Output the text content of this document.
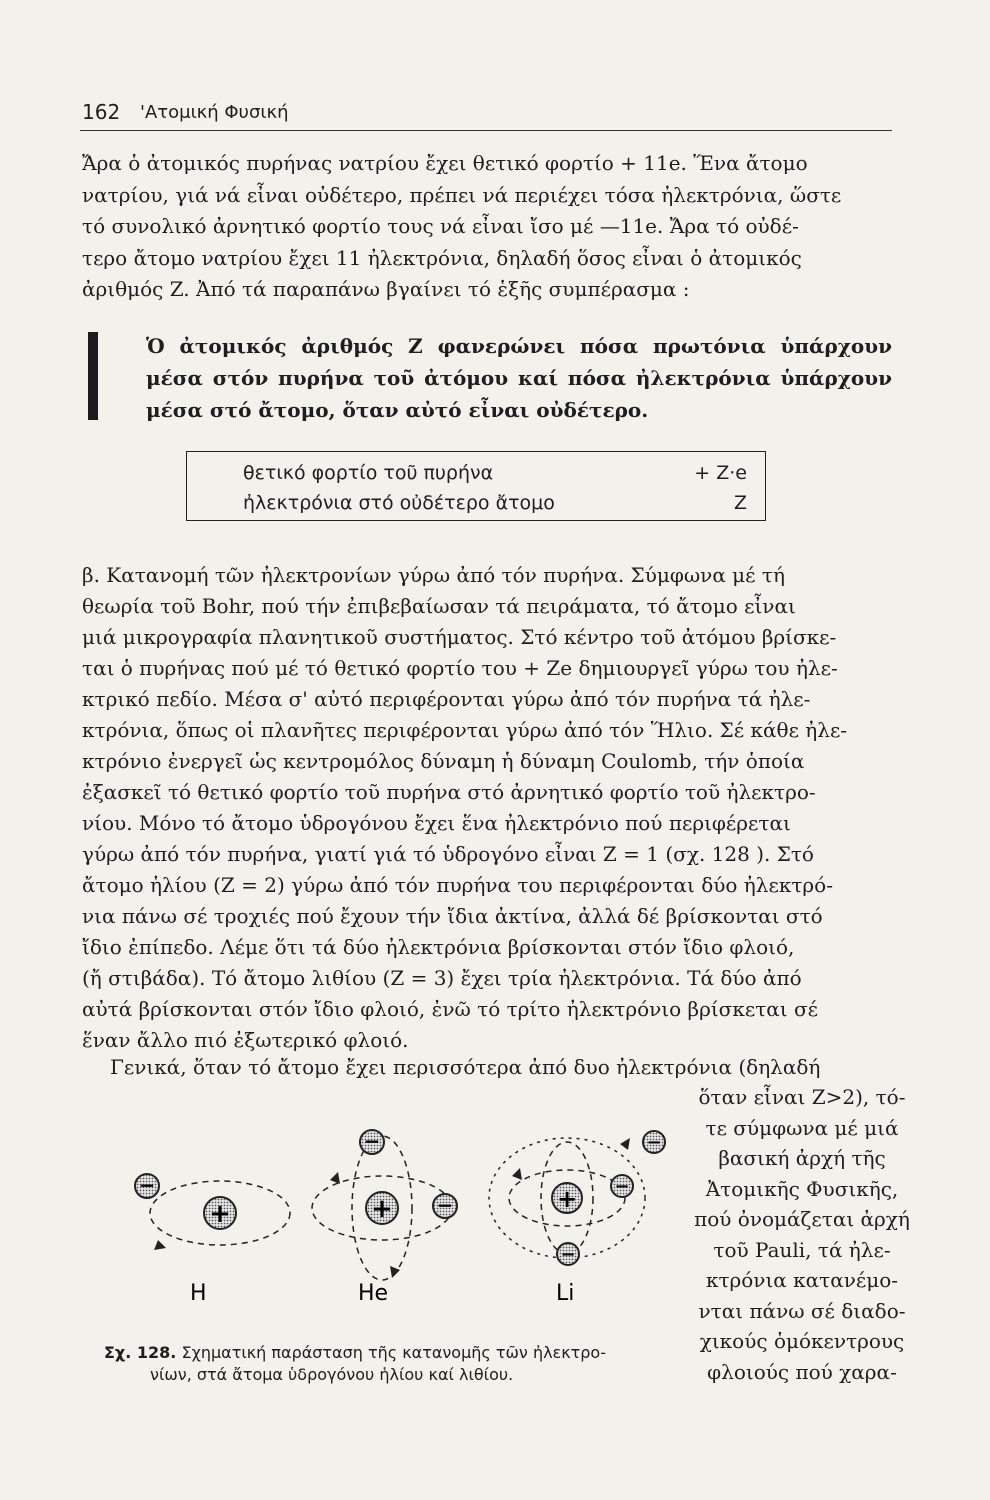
162 'Ατομική Φυσική

Ἄρα ὁ ἀτομικός πυρήνας νατρίου ἔχει θετικό φορτίο + 11e. Ἕνα ἄτομο

νατρίου, γιά νά εἶναι οὐδέτερο, πρέπει νά περιέχει τόσα ἠλεκτρόνια, ὥστε

τό συνολικό ἀρνητικό φορτίο τους νά εἶναι ἴσο μέ —11e. Ἄρα τό οὐδέ-

τερο ἄτομο νατρίου ἔχει 11 ἠλεκτρόνια, δηλαδή ὅσος εἶναι ὁ ἀτομικός

ἀριθμός Z. Ἀπό τά παραπάνω βγαίνει τό ἑξῆς συμπέρασμα :

Ὁ ἀτομικός ἀριθμός Z φανερώνει πόσα πρωτόνια ὑπάρχουν μέσα στόν πυρήνα τοῦ ἀτόμου καί πόσα ἠλεκτρόνια ὑπάρχουν μέσα στό ἄτομο, ὅταν αὐτό εἶναι οὐδέτερο.
θετικό φορτίο τοῦ πυρήνα	+ Z·e
ἠλεκτρόνια στό οὐδέτερο ἄτομο	Z

β. Κατανομή τῶν ἠλεκτρονίων γύρω ἀπό τόν πυρήνα. Σύμφωνα μέ τή

θεωρία τοῦ Bohr, πού τήν ἐπιβεβαίωσαν τά πειράματα, τό ἄτομο εἶναι

μιά μικρογραφία πλανητικοῦ συστήματος. Στό κέντρο τοῦ ἀτόμου βρίσκε-

ται ὁ πυρήνας πού μέ τό θετικό φορτίο του + Ze δημιουργεῖ γύρω του ἠλε-

κτρικό πεδίο. Μέσα σ' αὐτό περιφέρονται γύρω ἀπό τόν πυρήνα τά ἠλε-

κτρόνια, ὅπως οἱ πλανῆτες περιφέρονται γύρω ἀπό τόν Ἥλιο. Σέ κάθε ἠλε-

κτρόνιο ἐνεργεῖ ὡς κεντρομόλος δύναμη ἡ δύναμη Coulomb, τήν ὁποία

ἐξασκεῖ τό θετικό φορτίο τοῦ πυρήνα στό ἀρνητικό φορτίο τοῦ ἠλεκτρο-

νίου. Μόνο τό ἄτομο ὑδρογόνου ἔχει ἕνα ἠλεκτρόνιο πού περιφέρεται

γύρω ἀπό τόν πυρήνα, γιατί γιά τό ὑδρογόνο εἶναι Z = 1 (σχ. 128 ). Στό

ἄτομο ἡλίου (Z = 2) γύρω ἀπό τόν πυρήνα του περιφέρονται δύο ἠλεκτρό-

νια πάνω σέ τροχιές πού ἔχουν τήν ἴδια ἀκτίνα, ἀλλά δέ βρίσκονται στό

ἴδιο ἐπίπεδο. Λέμε ὅτι τά δύο ἠλεκτρόνια βρίσκονται στόν ἴδιο φλοιό,

(ἤ στιβάδα). Τό ἄτομο λιθίου (Z = 3) ἔχει τρία ἠλεκτρόνια. Τά δύο ἀπό

αὐτά βρίσκονται στόν ἴδιο φλοιό, ἐνῶ τό τρίτο ἠλεκτρόνιο βρίσκεται σέ

ἕναν ἄλλο πιό ἐξωτερικό φλοιό.

Γενικά, ὅταν τό ἄτομο ἔχει περισσότερα ἀπό δυο ἠλεκτρόνια (δηλαδή
ὅταν εἶναι Z>2), τό-
τε σύμφωνα μέ μιά
βασική ἀρχή τῆς
Ἀτομικῆς Φυσικῆς,
πού ὀνομάζεται ἀρχή
τοῦ Pauli, τά ἠλε-
κτρόνια κατανέμο-
νται πάνω σέ διαδο-
χικούς ὁμόκεντρους
φλοιούς πού χαρα-
+
−
H
+
−
−
He
+ −
−
−
Li
Σχ. 128. Σχηματική παράσταση τῆς κατανομῆς τῶν ἠλεκτρο-
νίων, στά ἄτομα ὑδρογόνου ἡλίου καί λιθίου.
